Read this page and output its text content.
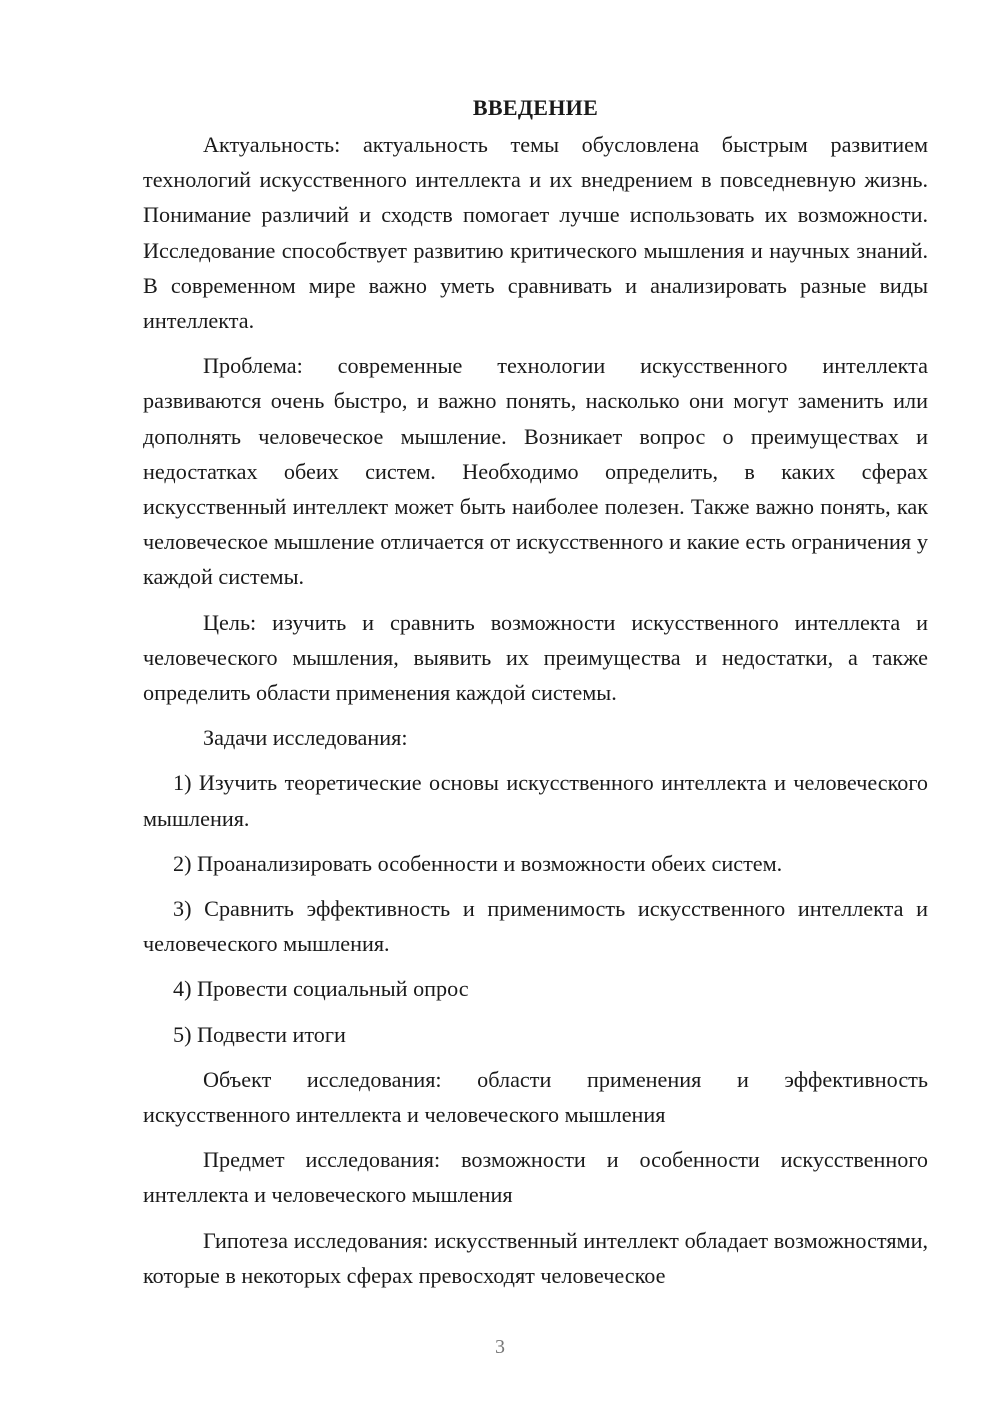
ВВЕДЕНИЕ

Актуальность: актуальность темы обусловлена быстрым развитием технологий искусственного интеллекта и их внедрением в повседневную жизнь. Понимание различий и сходств помогает лучше использовать их возможности. Исследование способствует развитию критического мышления и научных знаний. В современном мире важно уметь сравнивать и анализировать разные виды интеллекта.

Проблема: современные технологии искусственного интеллекта развиваются очень быстро, и важно понять, насколько они могут заменить или дополнять человеческое мышление. Возникает вопрос о преимуществах и недостатках обеих систем. Необходимо определить, в каких сферах искусственный интеллект может быть наиболее полезен. Также важно понять, как человеческое мышление отличается от искусственного и какие есть ограничения у каждой системы.

Цель: изучить и сравнить возможности искусственного интеллекта и человеческого мышления, выявить их преимущества и недостатки, а также определить области применения каждой системы.

Задачи исследования:

1) Изучить теоретические основы искусственного интеллекта и человеческого мышления.

2) Проанализировать особенности и возможности обеих систем.

3) Сравнить эффективность и применимость искусственного интеллекта и человеческого мышления.

4) Провести социальный опрос

5) Подвести итоги

Объект исследования: области применения и эффективность искусственного интеллекта и человеческого мышления

Предмет исследования: возможности и особенности искусственного интеллекта и человеческого мышления

Гипотеза исследования: искусственный интеллект обладает возможностями, которые в некоторых сферах превосходят человеческое

3
